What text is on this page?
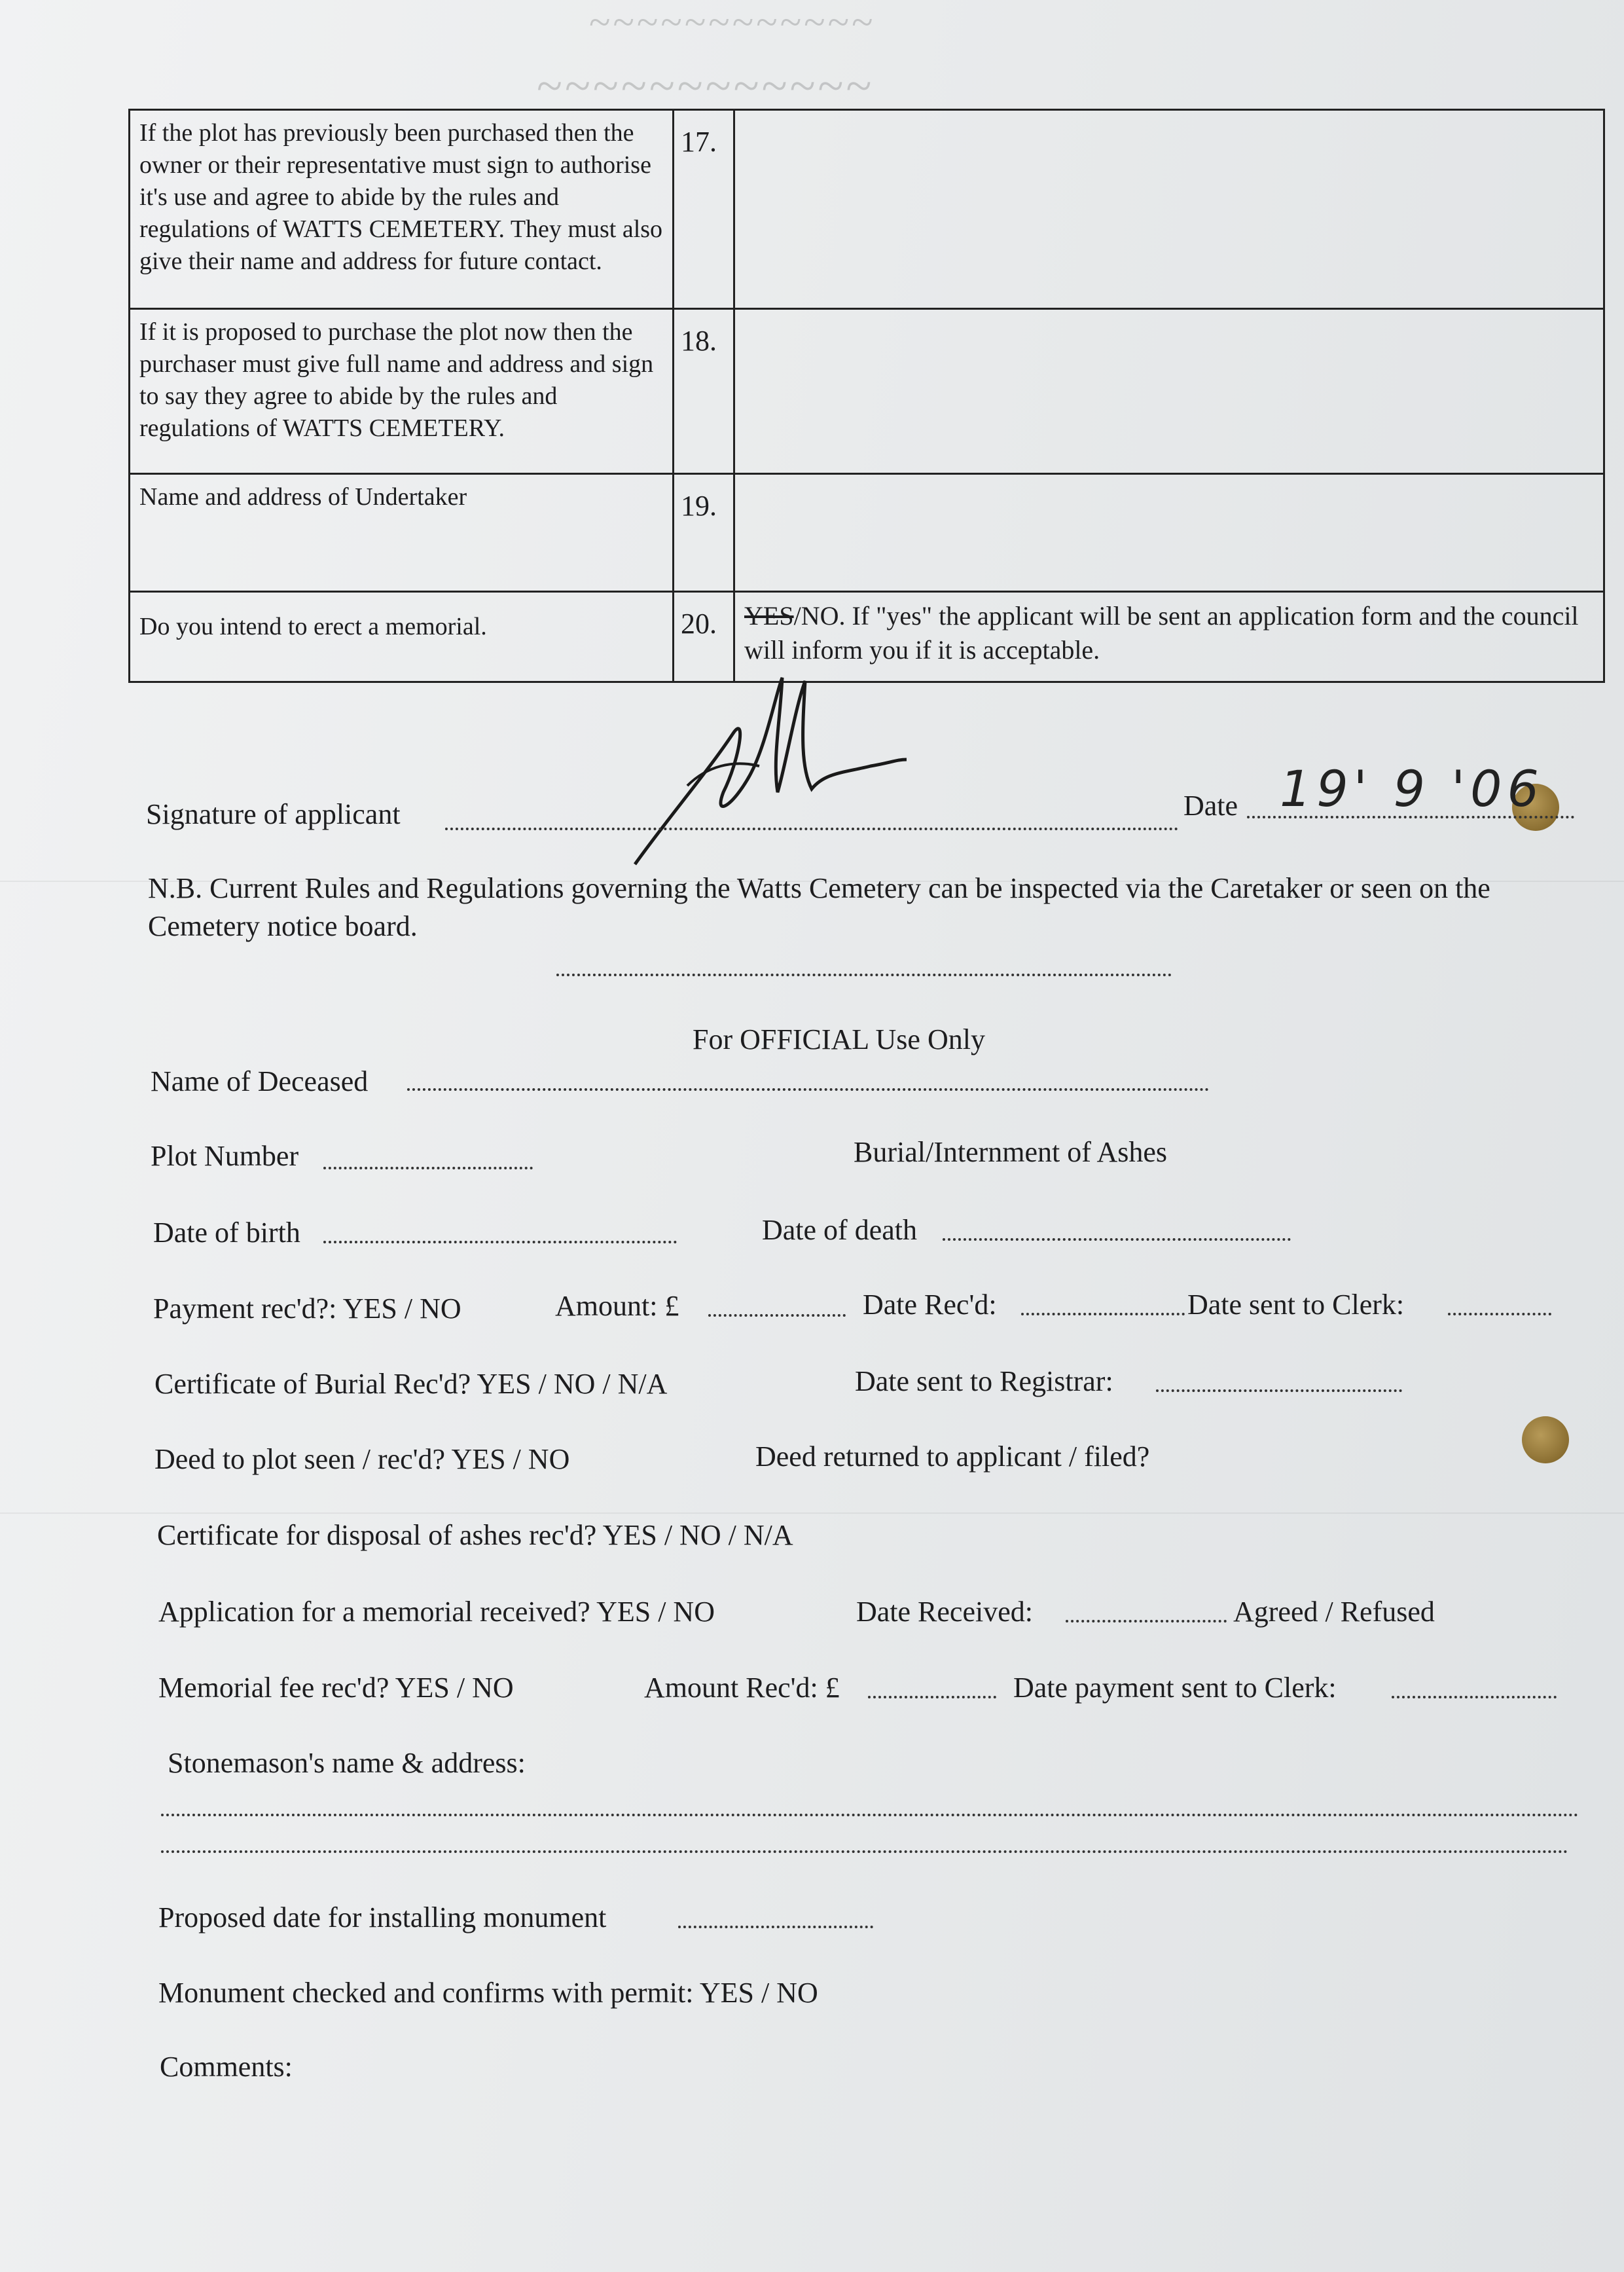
~~~~~~~~~~~~
~~~~~~~~~~~~
If the plot has previously been purchased then the owner or their representative must sign to authorise it's use and agree to abide by the rules and regulations of WATTS CEMETERY. They must also give their name and address for future contact.	17.	
If it is proposed to purchase the plot now then the purchaser must give full name and address and sign to say they agree to abide by the rules and regulations of WATTS CEMETERY.	18.	
Name and address of Undertaker	19.	
Do you intend to erect a memorial.	20.	YES/NO. If "yes" the applicant will be sent an application form and the council will inform you if it is acceptable.
Signature of applicant	Date 19' 9 '06
N.B. Current Rules and Regulations governing the Watts Cemetery can be inspected via the Caretaker or seen on the Cemetery notice board.
For OFFICIAL Use Only
Name of Deceased
Plot Number	Burial/Internment of Ashes
Date of birth	Date of death
Payment rec'd?: YES / NO	Amount: £	Date Rec'd:	Date sent to Clerk:
Certificate of Burial Rec'd? YES / NO / N/A	Date sent to Registrar:
Deed to plot seen / rec'd? YES / NO	Deed returned to applicant / filed?
Certificate for disposal of ashes rec'd? YES / NO / N/A
Application for a memorial received? YES / NO	Date Received:	Agreed / Refused
Memorial fee rec'd? YES / NO	Amount Rec'd: £	Date payment sent to Clerk:
Stonemason's name & address:
Proposed date for installing monument
Monument checked and confirms with permit: YES / NO
Comments:
